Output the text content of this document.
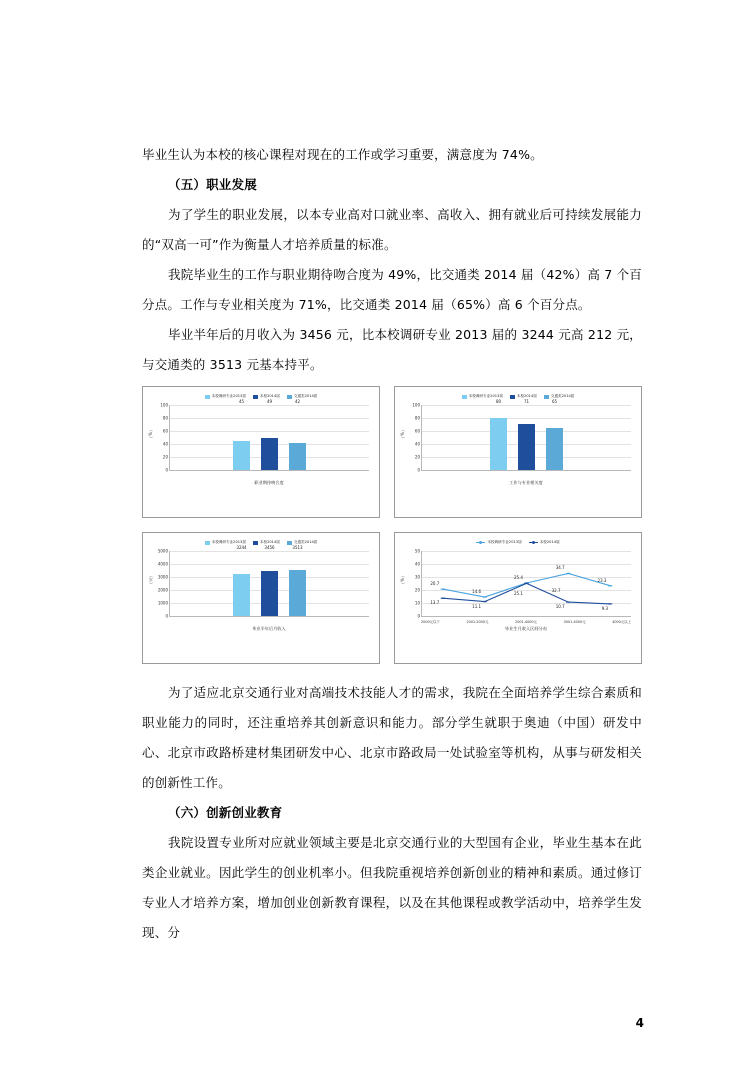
毕业生认为本校的核心课程对现在的工作或学习重要，满意度为 74%。

（五）职业发展

为了学生的职业发展，以本专业高对口就业率、高收入、拥有就业后可持续发展能力的“双高一可”作为衡量人才培养质量的标准。

我院毕业生的工作与职业期待吻合度为 49%，比交通类 2014 届（42%）高 7 个百分点。工作与专业相关度为 71%，比交通类 2014 届（65%）高 6 个百分点。

毕业半年后的月收入为 3456 元，比本校调研专业 2013 届的 3244 元高 212 元，与交通类的 3513 元基本持平。

本校调研专业2013届	本校2014届	交通类2014届
（%）
100
80
60
40
20
0
45	49	42
职业期待吻合度
本校调研专业2013届	本校2014届	交通类2014届
（%）
100
80
60
40
20
0
80	71	65
工作与专业相关度
本校调研专业2013届	本校2014届	交通类2014届
（元）
5000
4000
3000
2000
1000
0
3244	3456	3513
毕业半年后月收入
本校调研专业2013届	本校2014届
（%）
50
40
30
20
10
0
20.7
14.6
25.4
34.7
23.3
13.7
11.1
25.1
32.7
9.3
10.7
2000元以下	2001-2000元	2001-4000元	3001-4000元	4000元以上
毕业生月收入区间分布

为了适应北京交通行业对高端技术技能人才的需求，我院在全面培养学生综合素质和职业能力的同时，还注重培养其创新意识和能力。部分学生就职于奥迪（中国）研发中心、北京市政路桥建材集团研发中心、北京市路政局一处试验室等机构，从事与研发相关的创新性工作。

（六）创新创业教育

我院设置专业所对应就业领域主要是北京交通行业的大型国有企业，毕业生基本在此类企业就业。因此学生的创业机率小。但我院重视培养创新创业的精神和素质。通过修订专业人才培养方案，增加创业创新教育课程，以及在其他课程或教学活动中，培养学生发现、分

4
